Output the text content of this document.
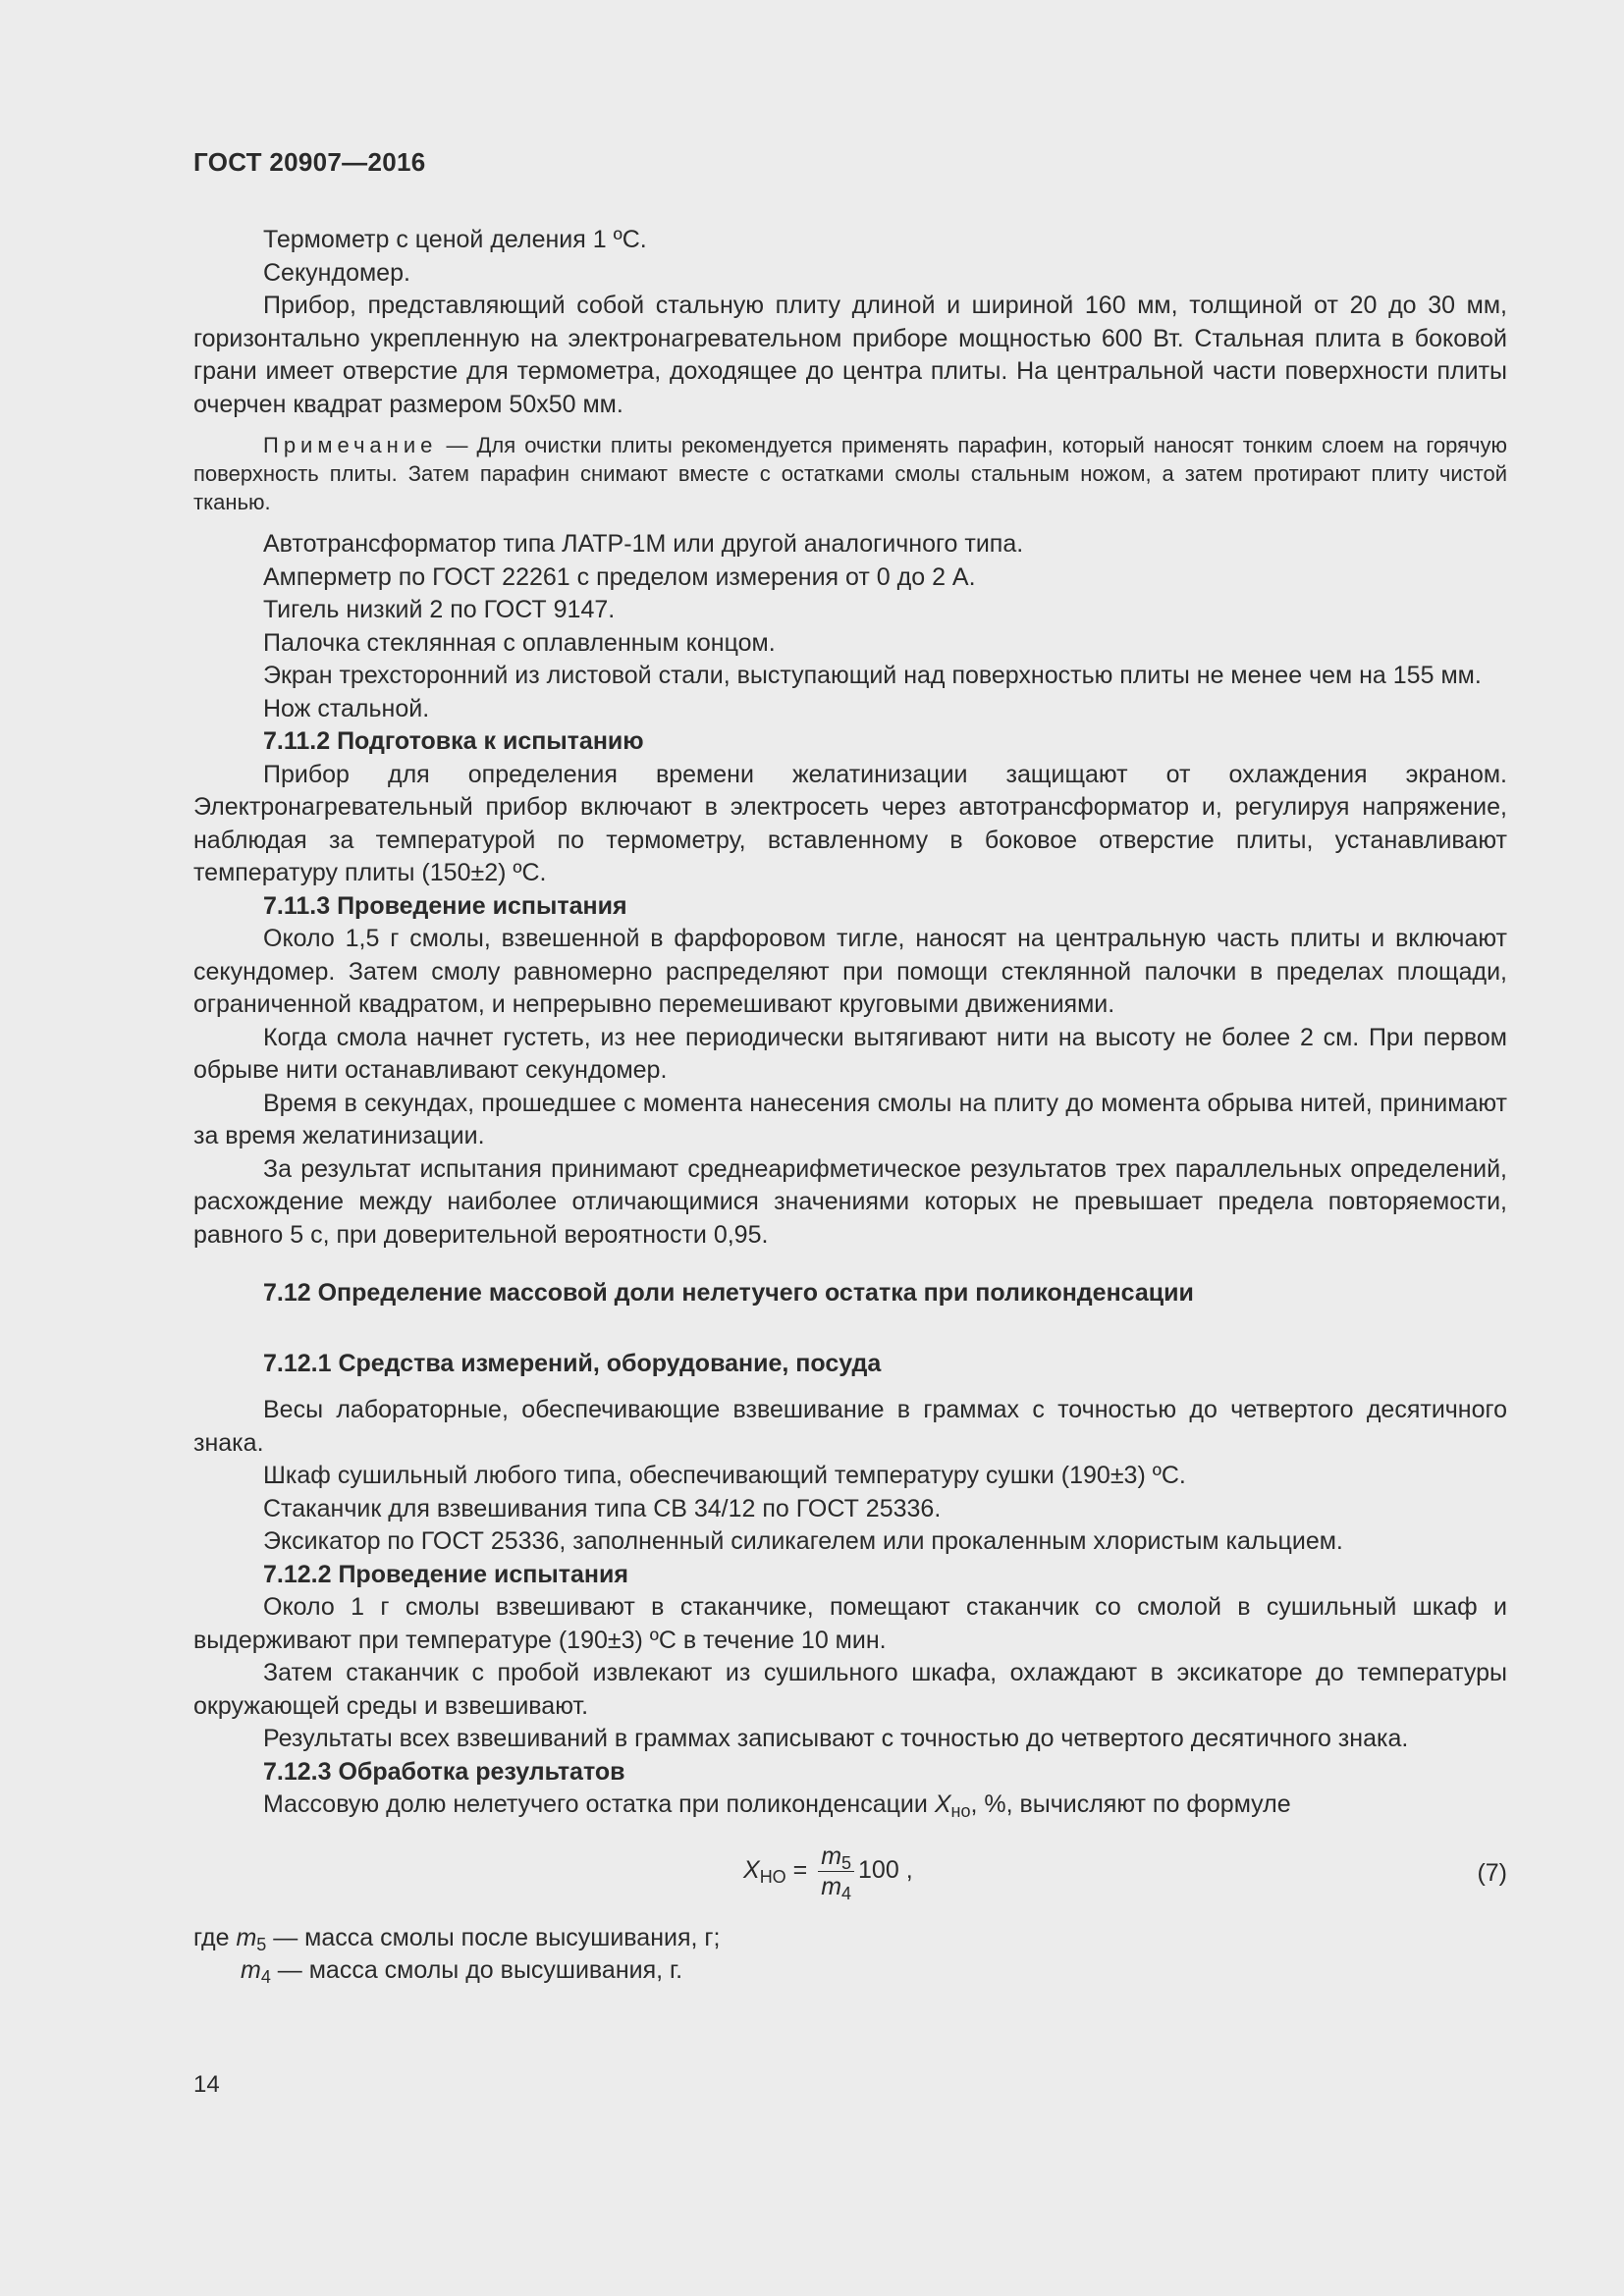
ГОСТ 20907—2016

Термометр с ценой деления 1 ºC.

Секундомер.

Прибор, представляющий собой стальную плиту длиной и шириной 160 мм, толщиной от 20 до 30 мм, горизонтально укрепленную на электронагревательном приборе мощностью 600 Вт. Стальная плита в боковой грани имеет отверстие для термометра, доходящее до центра плиты. На центральной части поверхности плиты очерчен квадрат размером 50х50 мм.

Примечание — Для очистки плиты рекомендуется применять парафин, который наносят тонким слоем на горячую поверхность плиты. Затем парафин снимают вместе с остатками смолы стальным ножом, а затем протирают плиту чистой тканью.

Автотрансформатор типа ЛАТР-1М или другой аналогичного типа.

Амперметр по ГОСТ 22261 с пределом измерения от 0 до 2 А.

Тигель низкий 2 по ГОСТ 9147.

Палочка стеклянная с оплавленным концом.

Экран трехсторонний из листовой стали, выступающий над поверхностью плиты не менее чем на 155 мм.

Нож стальной.

7.11.2 Подготовка к испытанию

Прибор для определения времени желатинизации защищают от охлаждения экраном. Электронагревательный прибор включают в электросеть через автотрансформатор и, регулируя напряжение, наблюдая за температурой по термометру, вставленному в боковое отверстие плиты, устанавливают температуру плиты (150±2) ºC.

7.11.3 Проведение испытания

Около 1,5 г смолы, взвешенной в фарфоровом тигле, наносят на центральную часть плиты и включают секундомер. Затем смолу равномерно распределяют при помощи стеклянной палочки в пределах площади, ограниченной квадратом, и непрерывно перемешивают круговыми движениями.

Когда смола начнет густеть, из нее периодически вытягивают нити на высоту не более 2 см. При первом обрыве нити останавливают секундомер.

Время в секундах, прошедшее с момента нанесения смолы на плиту до момента обрыва нитей, принимают за время желатинизации.

За результат испытания принимают среднеарифметическое результатов трех параллельных определений, расхождение между наиболее отличающимися значениями которых не превышает предела повторяемости, равного 5 с, при доверительной вероятности 0,95.

7.12 Определение массовой доли нелетучего остатка при поликонденсации

7.12.1 Средства измерений, оборудование, посуда

Весы лабораторные, обеспечивающие взвешивание в граммах с точностью до четвертого десятичного знака.

Шкаф сушильный любого типа, обеспечивающий температуру сушки (190±3) ºC.

Стаканчик для взвешивания типа СВ 34/12 по ГОСТ 25336.

Эксикатор по ГОСТ 25336, заполненный силикагелем или прокаленным хлористым кальцием.

7.12.2 Проведение испытания

Около 1 г смолы взвешивают в стаканчике, помещают стаканчик со смолой в сушильный шкаф и выдерживают при температуре (190±3) ºC в течение 10 мин.

Затем стаканчик с пробой извлекают из сушильного шкафа, охлаждают в эксикаторе до температуры окружающей среды и взвешивают.

Результаты всех взвешиваний в граммах записывают с точностью до четвертого десятичного знака.

7.12.3 Обработка результатов

Массовую долю нелетучего остатка при поликонденсации $X_{но}$, %, вычисляют по формуле

$X_{НО} = \frac{m_5}{m_4} 100$ ,	(7)

где $m_5$ — масса смолы после высушивания, г;

$m_4$ — масса смолы до высушивания, г.

14
